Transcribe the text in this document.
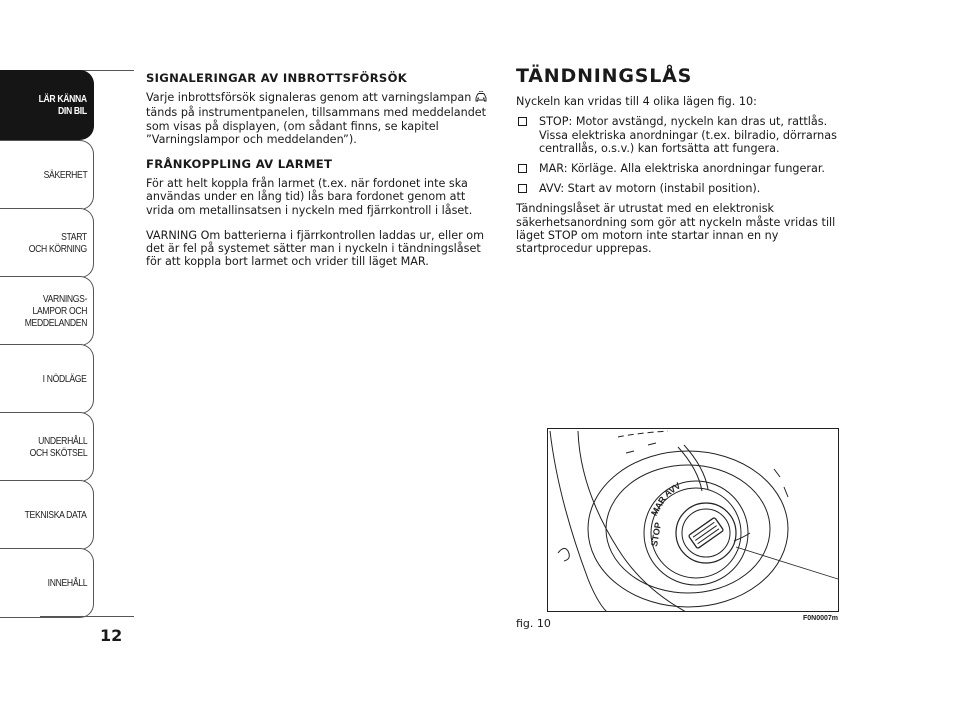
LÄR KÄNNA
DIN BIL
SÄKERHET
START
OCH KÖRNING
VARNINGS-
LAMPOR OCH
MEDDELANDEN
I NÖDLÄGE
UNDERHÅLL
OCH SKÖTSEL
TEKNISKA DATA
INNEHÅLL
12
SIGNALERINGAR AV INBROTTSFÖRSÖK
Varje inbrottsförsök signaleras genom att varningslampan tänds på instrumentpanelen, tillsammans med meddelandet som visas på displayen, (om sådant finns, se kapitel ”Varningslampor och meddelanden”).
FRÅNKOPPLING AV LARMET
För att helt koppla från larmet (t.ex. när fordonet inte ska användas under en lång tid) lås bara fordonet genom att vrida om metallinsatsen i nyckeln med fjärrkontroll i låset.
VARNING Om batterierna i fjärrkontrollen laddas ur, eller om det är fel på systemet sätter man i nyckeln i tändningslåset för att koppla bort larmet och vrider till läget MAR.
TÄNDNINGSLÅS
Nyckeln kan vridas till 4 olika lägen fig. 10:
STOP: Motor avstängd, nyckeln kan dras ut, rattlås. Vissa elektriska anordningar (t.ex. bilradio, dörrarnas centrallås, o.s.v.) kan fortsätta att fungera.
MAR: Körläge. Alla elektriska anordningar fungerar.
AVV: Start av motorn (instabil position).
Tändningslåset är utrustat med en elektronisk säkerhetsanordning som gör att nyckeln måste vridas till läget STOP om motorn inte startar innan en ny startprocedur upprepas.
STOP
MAR
AVV
fig. 10	F0N0007m
